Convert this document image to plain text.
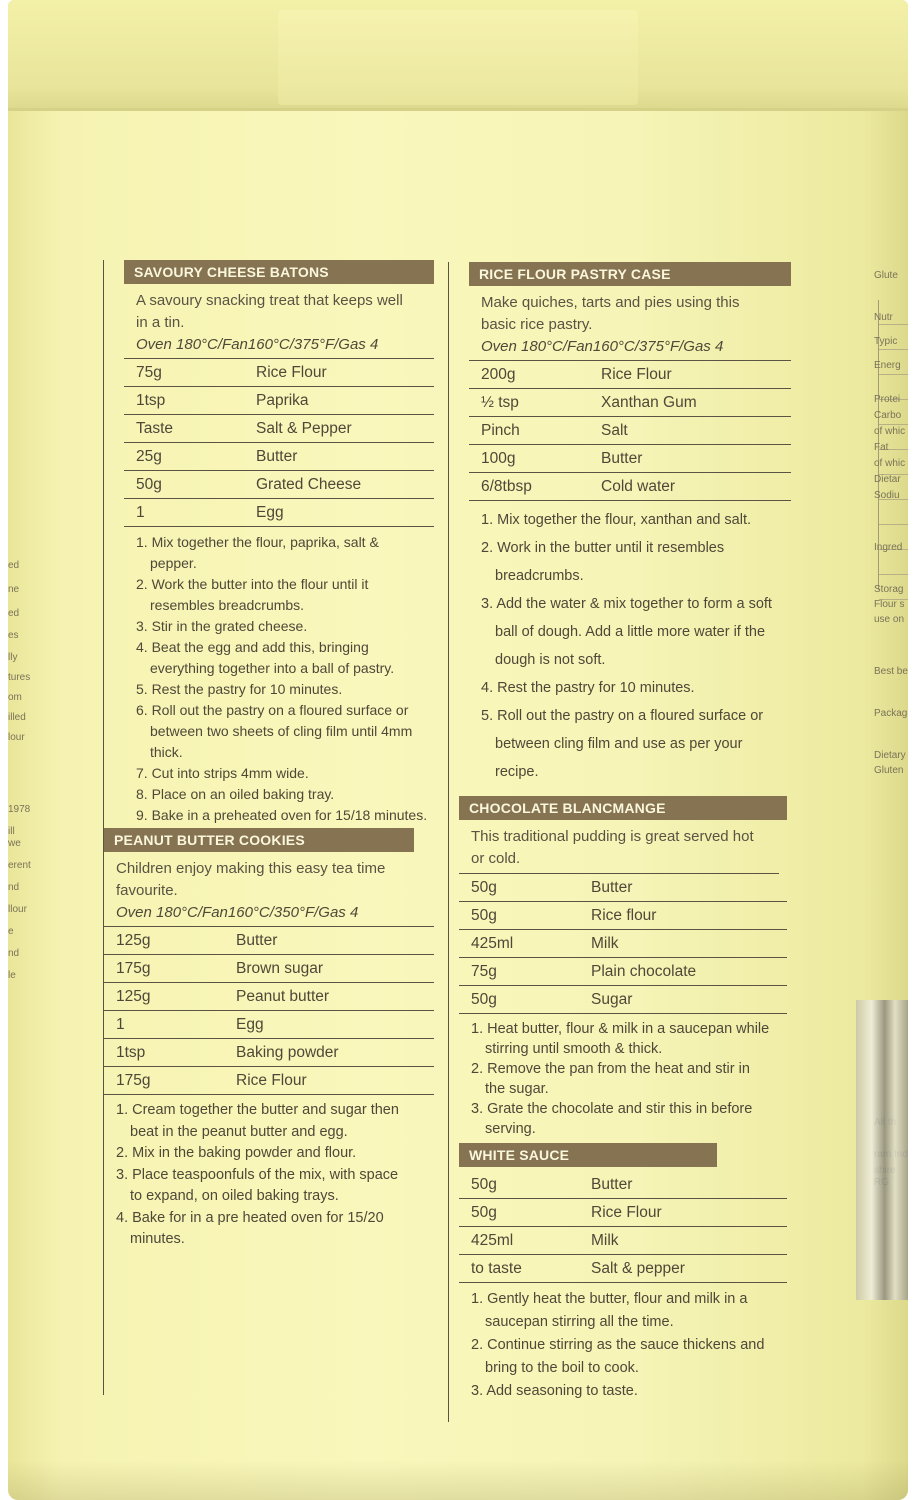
ed
ne
ed
es
lly
tures
om
illed
lour
1978
ill we
erent
nd
llour
e
nd
le
Glute
Nutr
Typic
Energ
Protei
Carbo
of whic
Fat
of whic
Dietar
Sodiu
Ingred
Storag
Flour s
use on
Best be
Packag
Dietary
Gluten
SAVOURY CHEESE BATONS
A savoury snacking treat that keeps well in a tin.
Oven 180°C/Fan160°C/375°F/Gas 4
75g	Rice Flour
1tsp	Paprika
Taste	Salt & Pepper
25g	Butter
50g	Grated Cheese
1	Egg
1. Mix together the flour, paprika, salt & pepper.
2. Work the butter into the flour until it resembles breadcrumbs.
3. Stir in the grated cheese.
4. Beat the egg and add this, bringing everything together into a ball of pastry.
5. Rest the pastry for 10 minutes.
6. Roll out the pastry on a floured surface or between two sheets of cling film until 4mm thick.
7. Cut into strips 4mm wide.
8. Place on an oiled baking tray.
9. Bake in a preheated oven for 15/18 minutes.
PEANUT BUTTER COOKIES
Children enjoy making this easy tea time favourite.
Oven 180°C/Fan160°C/350°F/Gas 4
125g	Butter
175g	Brown sugar
125g	Peanut butter
1	Egg
1tsp	Baking powder
175g	Rice Flour
1. Cream together the butter and sugar then beat in the peanut butter and egg.
2. Mix in the baking powder and flour.
3. Place teaspoonfuls of the mix, with space to expand, on oiled baking trays.
4. Bake for in a pre heated oven for 15/20 minutes.
RICE FLOUR PASTRY CASE
Make quiches, tarts and pies using this basic rice pastry.
Oven 180°C/Fan160°C/375°F/Gas 4
200g	Rice Flour
½ tsp	Xanthan Gum
Pinch	Salt
100g	Butter
6/8tbsp	Cold water
1. Mix together the flour, xanthan and salt.
2. Work in the butter until it resembles breadcrumbs.
3. Add the water & mix together to form a soft ball of dough. Add a little more water if the dough is not soft.
4. Rest the pastry for 10 minutes.
5. Roll out the pastry on a floured surface or between cling film and use as per your recipe.
CHOCOLATE BLANCMANGE
This traditional pudding is great served hot or cold.
50g	Butter
50g	Rice flour
425ml	Milk
75g	Plain chocolate
50g	Sugar
1. Heat butter, flour & milk in a saucepan while stirring until smooth & thick.
2. Remove the pan from the heat and stir in the sugar.
3. Grate the chocolate and stir this in before serving.
WHITE SAUCE
50g	Butter
50g	Rice Flour
425ml	Milk
to taste	Salt & pepper
1. Gently heat the butter, flour and milk in a saucepan stirring all the time.
2. Continue stirring as the sauce thickens and bring to the boil to cook.
3. Add seasoning to taste.
